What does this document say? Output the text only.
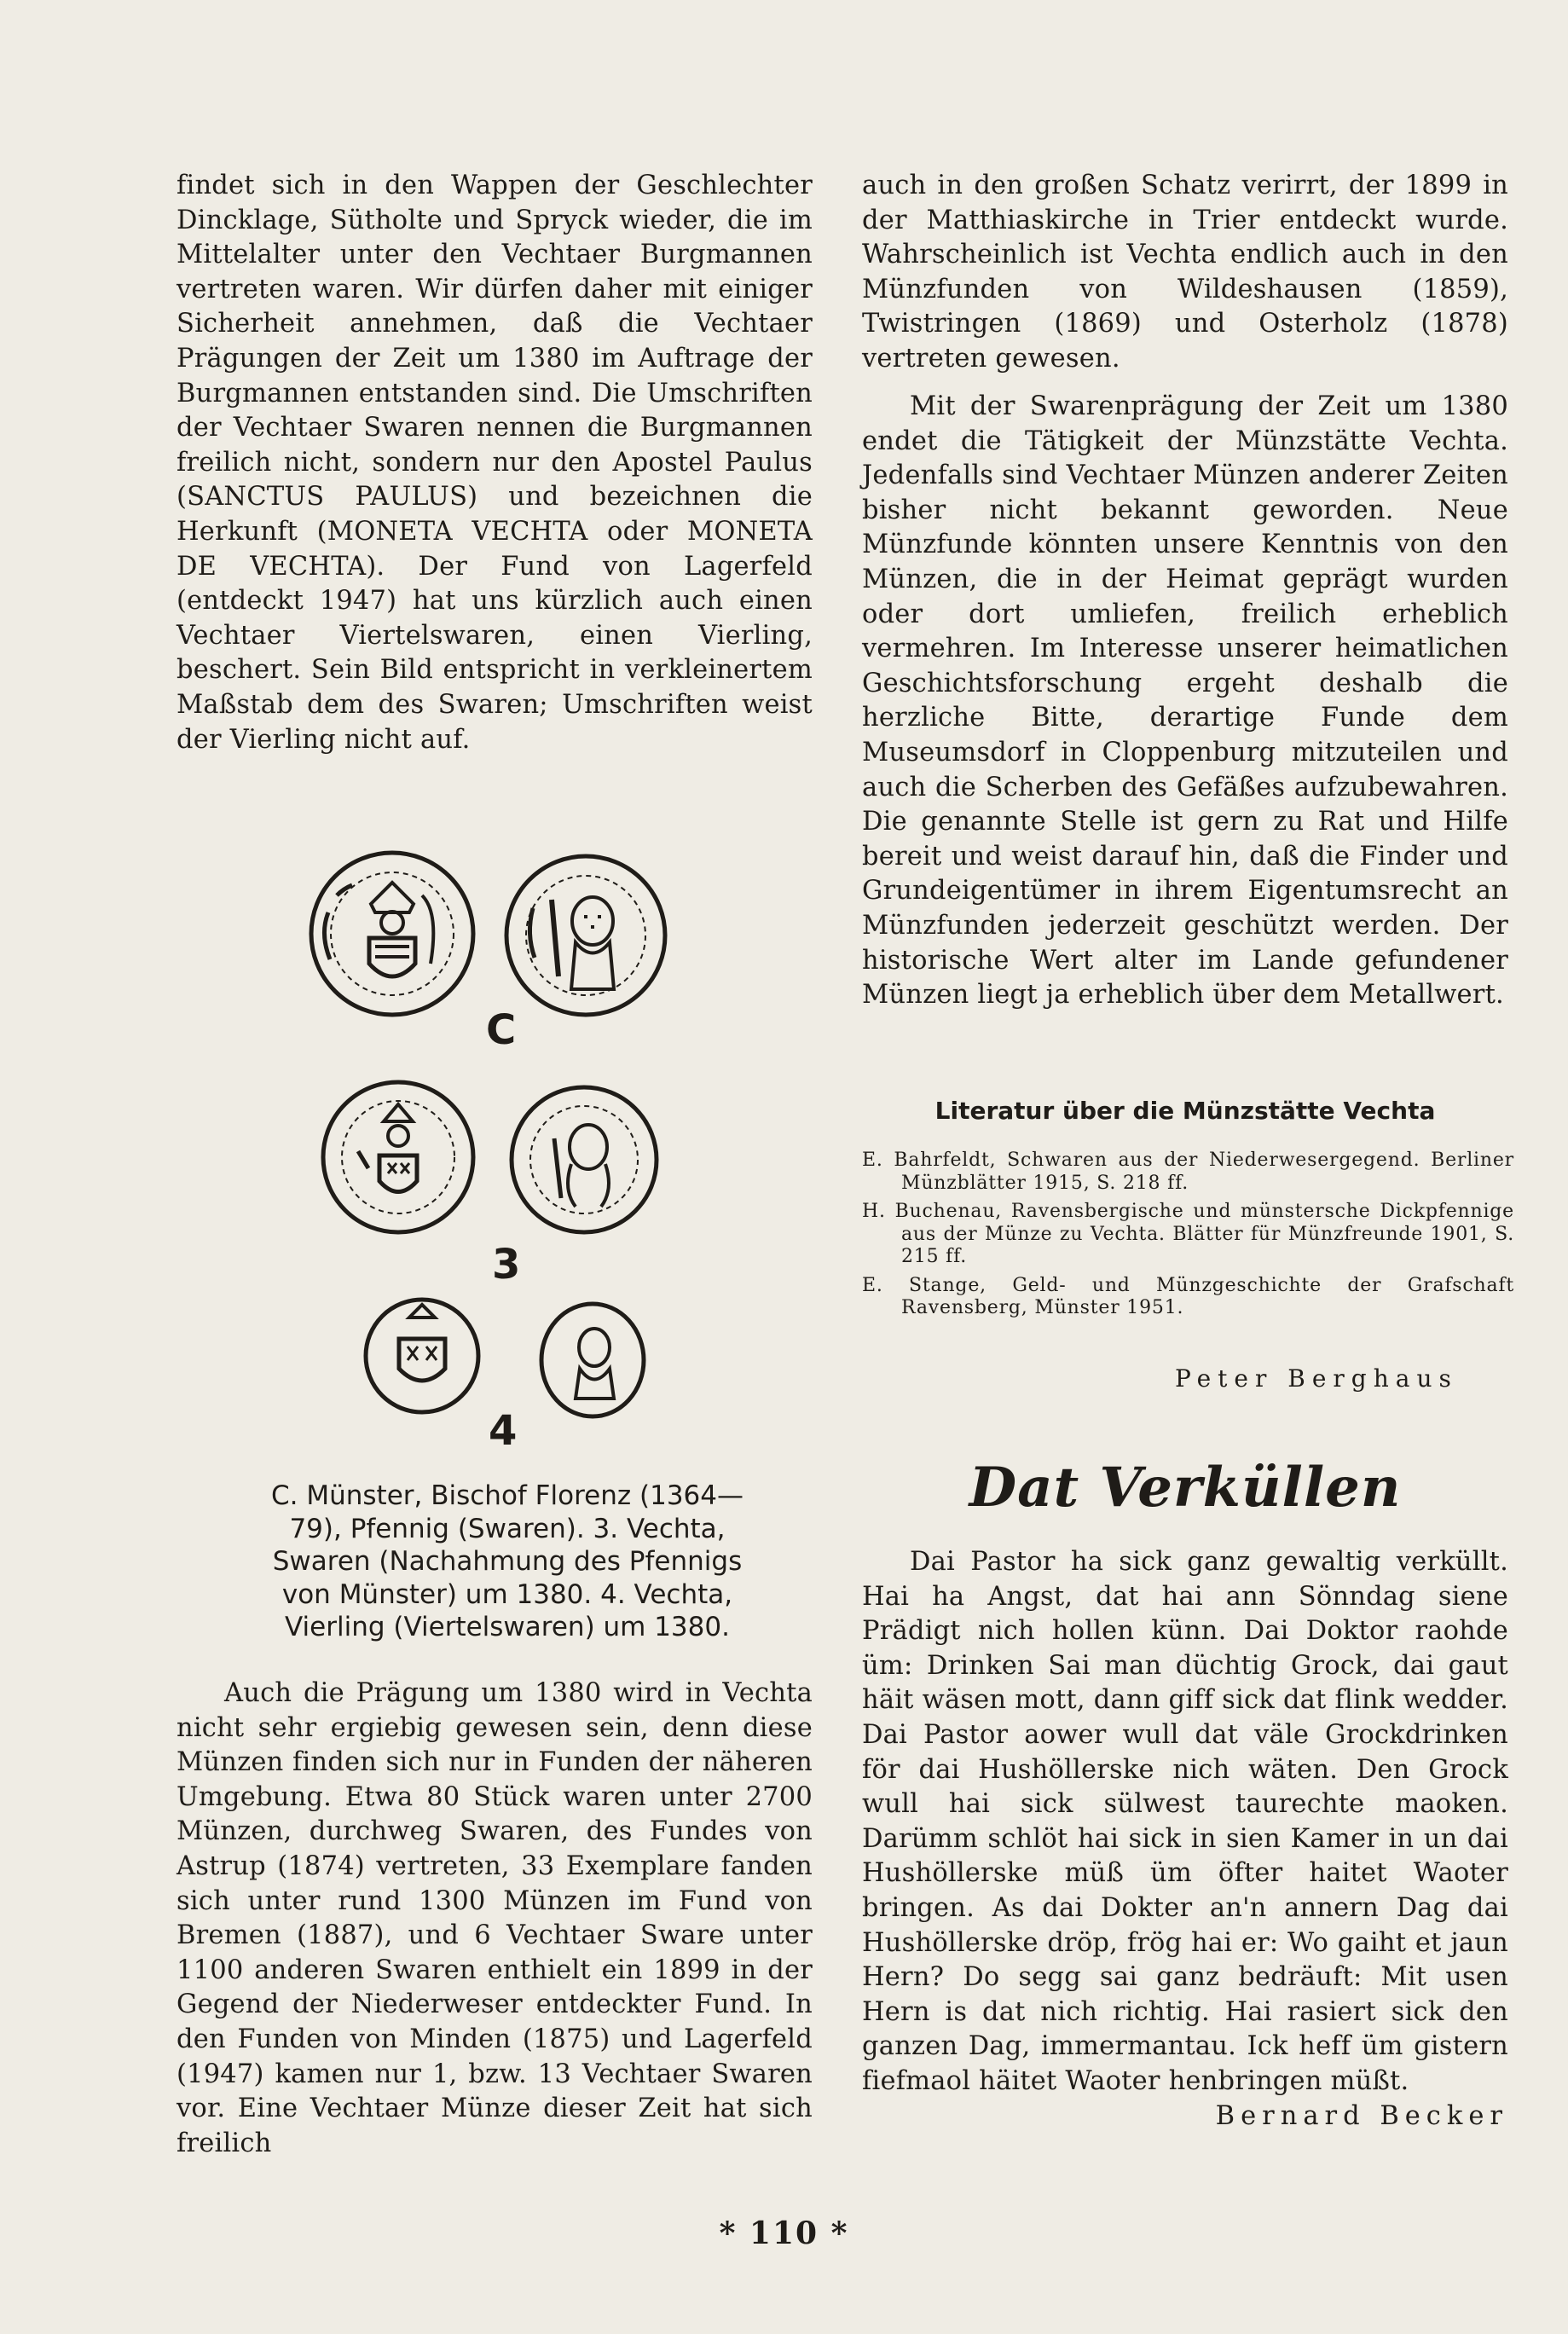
findet sich in den Wappen der Geschlechter Dincklage, Sütholte und Spryck wieder, die im Mittelalter unter den Vechtaer Burgmannen vertreten waren. Wir dürfen daher mit einiger Sicherheit annehmen, daß die Vechtaer Prägungen der Zeit um 1380 im Auftrage der Burgmannen entstanden sind. Die Umschriften der Vechtaer Swaren nennen die Burgmannen freilich nicht, sondern nur den Apostel Paulus (SANCTUS PAULUS) und bezeichnen die Herkunft (MONETA VECHTA oder MONETA DE VECHTA). Der Fund von Lagerfeld (entdeckt 1947) hat uns kürzlich auch einen Vechtaer Viertelswaren, einen Vierling, beschert. Sein Bild entspricht in verkleinertem Maßstab dem des Swaren; Umschriften weist der Vierling nicht auf.

Auch die Prägung um 1380 wird in Vechta nicht sehr ergiebig gewesen sein, denn diese Münzen finden sich nur in Funden der näheren Umgebung. Etwa 80 Stück waren unter 2700 Münzen, durchweg Swaren, des Fundes von Astrup (1874) vertreten, 33 Exemplare fanden sich unter rund 1300 Münzen im Fund von Bremen (1887), und 6 Vechtaer Sware unter 1100 anderen Swaren enthielt ein 1899 in der Gegend der Niederweser entdeckter Fund. In den Funden von Minden (1875) und Lagerfeld (1947) kamen nur 1, bzw. 13 Vechtaer Swaren vor. Eine Vechtaer Münze dieser Zeit hat sich freilich

C
3
4

C. Münster, Bischof Florenz (1364—79), Pfennig (Swaren). 3. Vechta, Swaren (Nachahmung des Pfennigs von Münster) um 1380. 4. Vechta, Vierling (Viertelswaren) um 1380.

auch in den großen Schatz verirrt, der 1899 in der Matthiaskirche in Trier entdeckt wurde. Wahrscheinlich ist Vechta endlich auch in den Münzfunden von Wildeshausen (1859), Twistringen (1869) und Osterholz (1878) vertreten gewesen.

Mit der Swarenprägung der Zeit um 1380 endet die Tätigkeit der Münzstätte Vechta. Jedenfalls sind Vechtaer Münzen anderer Zeiten bisher nicht bekannt geworden. Neue Münzfunde könnten unsere Kenntnis von den Münzen, die in der Heimat geprägt wurden oder dort umliefen, freilich erheblich vermehren. Im Interesse unserer heimatlichen Geschichtsforschung ergeht deshalb die herzliche Bitte, derartige Funde dem Museumsdorf in Cloppenburg mitzuteilen und auch die Scherben des Gefäßes aufzubewahren. Die genannte Stelle ist gern zu Rat und Hilfe bereit und weist darauf hin, daß die Finder und Grundeigentümer in ihrem Eigentumsrecht an Münzfunden jederzeit geschützt werden. Der historische Wert alter im Lande gefundener Münzen liegt ja erheblich über dem Metallwert.

Literatur über die Münzstätte Vechta
E. Bahrfeldt, Schwaren aus der Niederwesergegend. Berliner Münzblätter 1915, S. 218 ff.
H. Buchenau, Ravensbergische und münstersche Dickpfennige aus der Münze zu Vechta. Blätter für Münzfreunde 1901, S. 215 ff.
E. Stange, Geld- und Münzgeschichte der Grafschaft Ravensberg, Münster 1951.
Peter Berghaus
Dat Verküllen

Dai Pastor ha sick ganz gewaltig verküllt. Hai ha Angst, dat hai ann Sönndag siene Prädigt nich hollen künn. Dai Doktor raohde üm: Drinken Sai man düchtig Grock, dai gaut häit wäsen mott, dann giff sick dat flink wedder. Dai Pastor aower wull dat väle Grockdrinken för dai Hushöllerske nich wäten. Den Grock wull hai sick sülwest taurechte maoken. Darümm schlöt hai sick in sien Kamer in un dai Hushöllerske müß üm öfter haitet Waoter bringen. As dai Dokter an'n annern Dag dai Hushöllerske dröp, frög hai er: Wo gaiht et jaun Hern? Do segg sai ganz bedräuft: Mit usen Hern is dat nich richtig. Hai rasiert sick den ganzen Dag, immermantau. Ick heff üm gistern fiefmaol häitet Waoter henbringen müßt.
Bernard Becker

* 110 *
